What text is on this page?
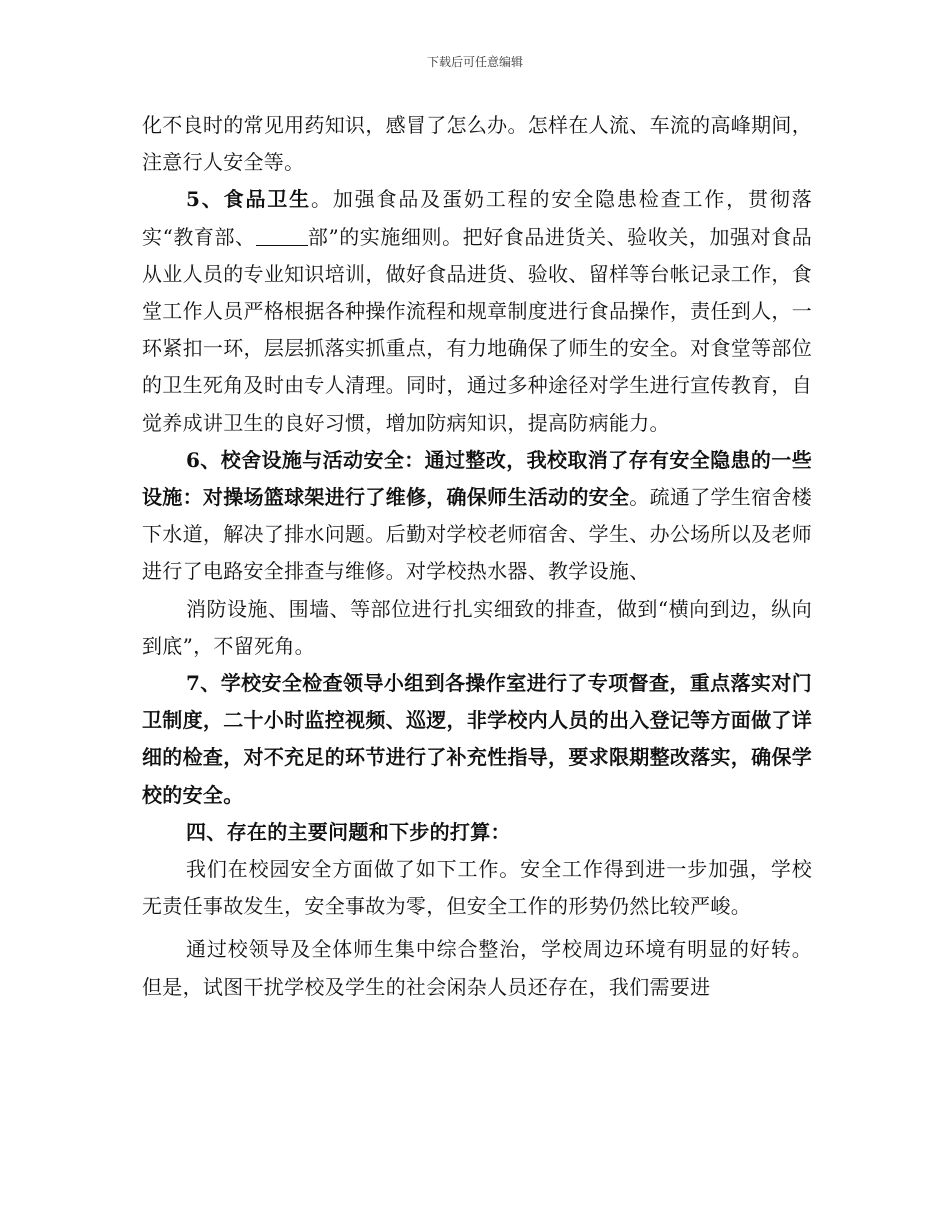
下载后可任意编辑

化不良时的常见用药知识，感冒了怎么办。怎样在人流、车流的高峰期间，注意行人安全等。

5、食品卫生。加强食品及蛋奶工程的安全隐患检查工作，贯彻落实“教育部、	部”的实施细则。把好食品进货关、验收关，加强对食品从业人员的专业知识培训，做好食品进货、验收、留样等台帐记录工作，食堂工作人员严格根据各种操作流程和规章制度进行食品操作，责任到人，一环紧扣一环，层层抓落实抓重点，有力地确保了师生的安全。对食堂等部位的卫生死角及时由专人清理。同时，通过多种途径对学生进行宣传教育，自觉养成讲卫生的良好习惯，增加防病知识，提高防病能力。

6、校舍设施与活动安全：通过整改，我校取消了存有安全隐患的一些设施：对操场篮球架进行了维修，确保师生活动的安全。疏通了学生宿舍楼下水道，解决了排水问题。后勤对学校老师宿舍、学生、办公场所以及老师进行了电路安全排查与维修。对学校热水器、教学设施、

消防设施、围墙、等部位进行扎实细致的排查，做到“横向到边，纵向到底”，不留死角。

7、学校安全检查领导小组到各操作室进行了专项督查，重点落实对门卫制度，二十小时监控视频、巡逻，非学校内人员的出入登记等方面做了详细的检查，对不充足的环节进行了补充性指导，要求限期整改落实，确保学校的安全。

四、存在的主要问题和下步的打算：

我们在校园安全方面做了如下工作。安全工作得到进一步加强，学校无责任事故发生，安全事故为零，但安全工作的形势仍然比较严峻。

通过校领导及全体师生集中综合整治，学校周边环境有明显的好转。但是，试图干扰学校及学生的社会闲杂人员还存在，我们需要进
